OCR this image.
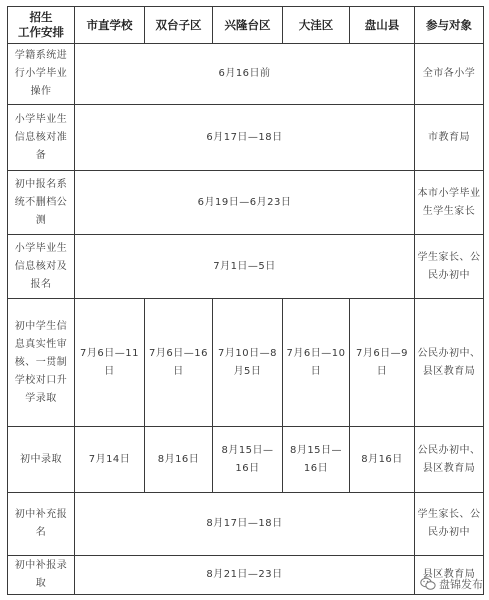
招生
工作安排	市直学校	双台子区	兴隆台区	大洼区	盘山县	参与对象
学籍系统进行小学毕业操作	6月16日前					全市各小学
小学毕业生信息核对准备	6月17日—18日					市教育局
初中报名系统不删档公测	6月19日—6月23日					本市小学毕业生学生家长
小学毕业生信息核对及报名	7月1日—5日					学生家长、公民办初中
初中学生信息真实性审核、一贯制学校对口升学录取	7月6日—11日	7月6日—16日	7月10日—8月5日	7月6日—10日	7月6日—9日	公民办初中、县区教育局
初中录取	7月14日	8月16日	8月15日—16日	8月15日—16日	8月16日	公民办初中、县区教育局
初中补充报名	8月17日—18日					学生家长、公民办初中
初中补报录取	8月21日—23日					县区教育局
盘锦发布
